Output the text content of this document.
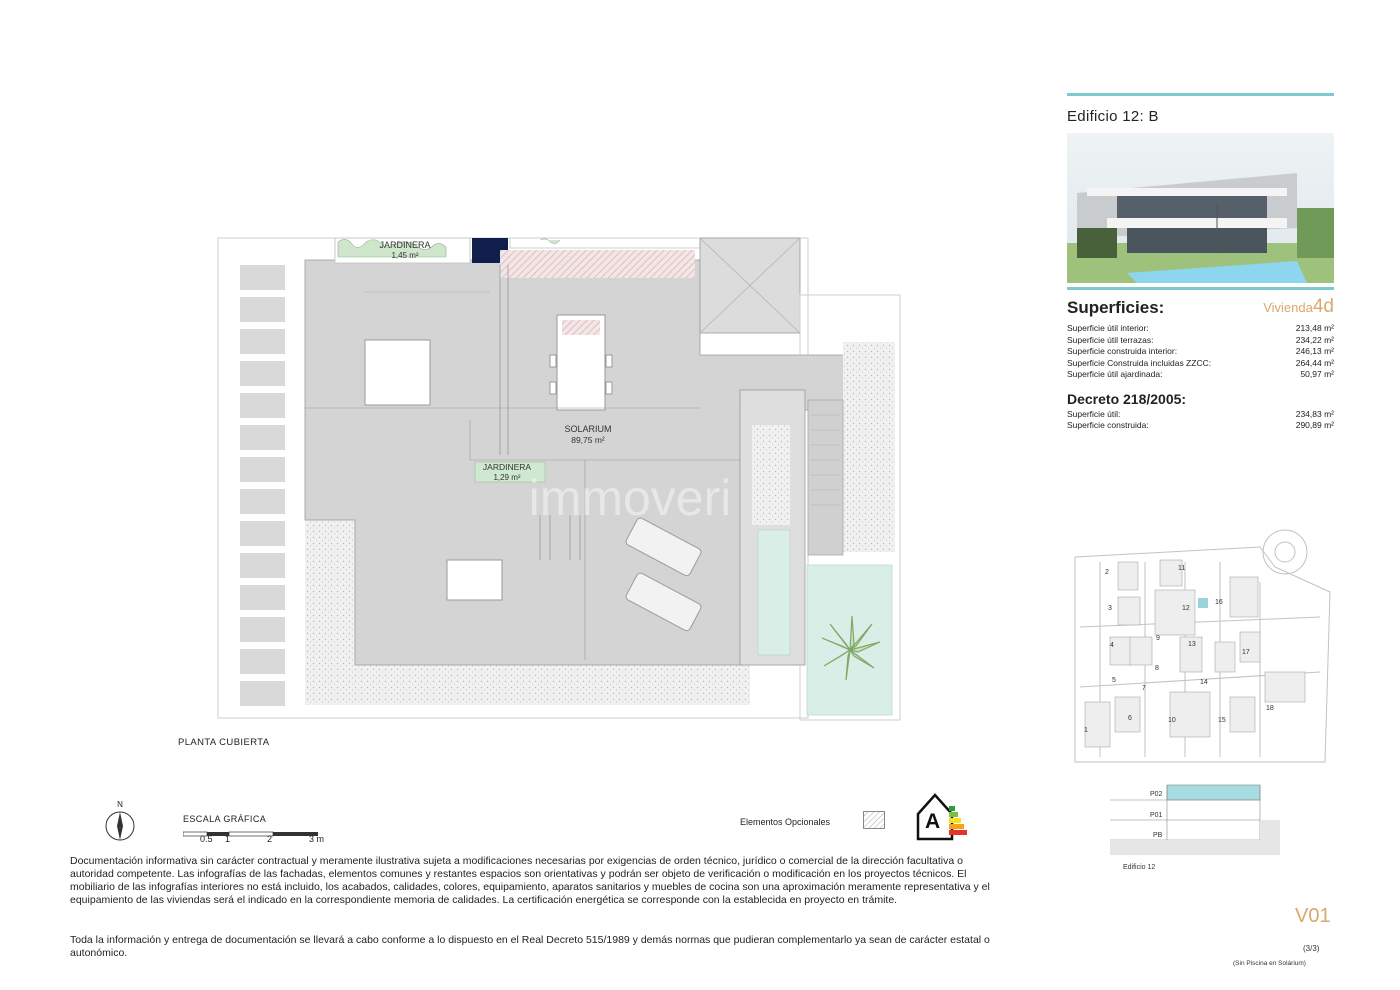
JARDINERA
1,45 m²
SOLARIUM
89,75 m²
JARDINERA
1,29 m² immoveri
PLANTA CUBIERTA
Edificio 12: B
Superficies:	Vivienda4d
Superficie útil interior:	213,48 m²
Superficie útil terrazas:	234,22 m²
Superficie construida interior:	246,13 m²
Superficie Construida incluidas ZZCC:	264,44 m²
Superficie útil ajardinada:	50,97 m²
Decreto 218/2005:
Superficie útil:	234,83 m²
Superficie construida:	290,89 m²
2
3
4
5
1
6
7
8
9
10
11
12
13
14
15
16
17
18
P02
P01
PB
Edificio 12
N
ESCALA GRÁFICA
0.5 1	2	3 m
Elementos Opcionales	A
Documentación informativa sin carácter contractual y meramente ilustrativa sujeta a modificaciones necesarias por exigencias de orden técnico, jurídico o comercial de la dirección facultativa o autoridad competente. Las infografías de las fachadas, elementos comunes y restantes espacios son orientativas y podrán ser objeto de verificación o modificación en los proyectos técnicos. El mobiliario de las infografías interiores no está incluido, los acabados, calidades, colores, equipamiento, aparatos sanitarios y muebles de cocina son una aproximación meramente representativa y el equipamiento de las viviendas será el indicado en la correspondiente memoria de calidades. La certificación energética se corresponde con la establecida en proyecto en trámite.
Toda la información y entrega de documentación se llevará a cabo conforme a lo dispuesto en el Real Decreto 515/1989 y demás normas que pudieran complementarlo ya sean de carácter estatal o autonómico.
V01
(3/3)
(Sin Piscina en Solárium)
